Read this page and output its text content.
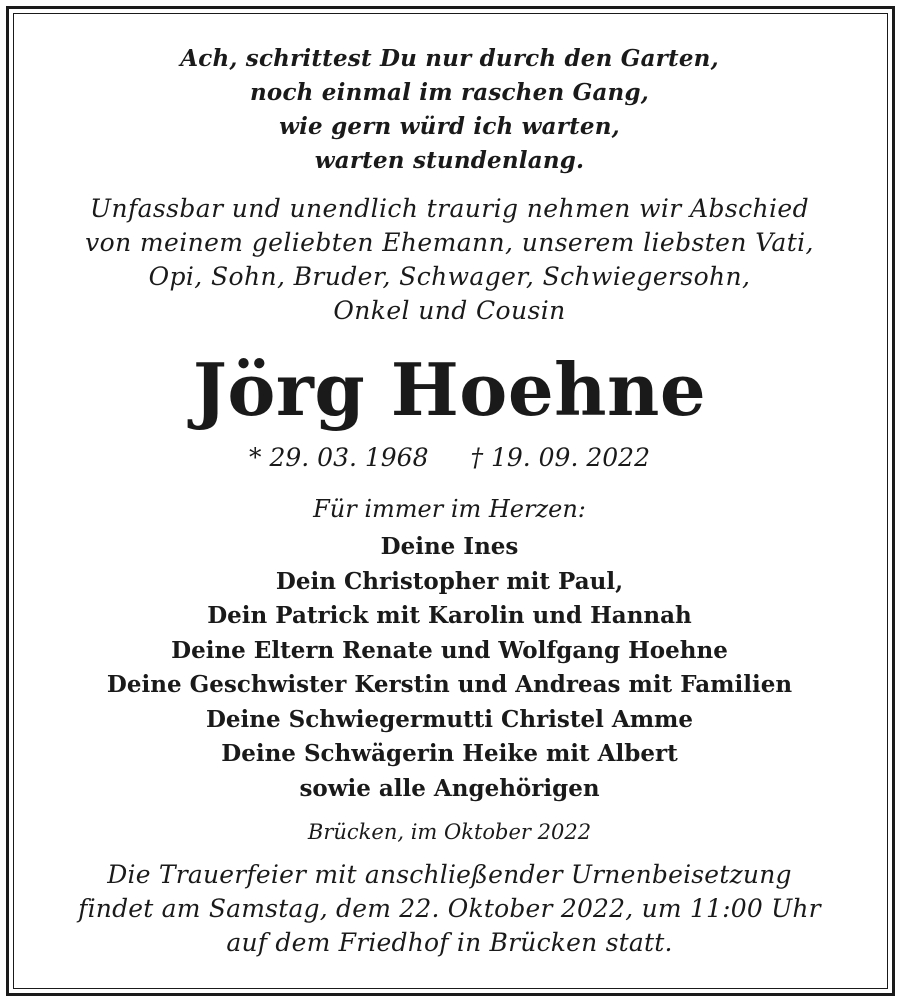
Ach, schrittest Du nur durch den Garten,
noch einmal im raschen Gang,
wie gern würd ich warten,
warten stundenlang.
Unfassbar und unendlich traurig nehmen wir Abschied
von meinem geliebten Ehemann, unserem liebsten Vati,
Opi, Sohn, Bruder, Schwager, Schwiegersohn,
Onkel und Cousin
Jörg Hoehne
* 29. 03. 1968 † 19. 09. 2022
Für immer im Herzen:
Deine Ines
Dein Christopher mit Paul,
Dein Patrick mit Karolin und Hannah
Deine Eltern Renate und Wolfgang Hoehne
Deine Geschwister Kerstin und Andreas mit Familien
Deine Schwiegermutti Christel Amme
Deine Schwägerin Heike mit Albert
sowie alle Angehörigen
Brücken, im Oktober 2022
Die Trauerfeier mit anschließender Urnenbeisetzung
findet am Samstag, dem 22. Oktober 2022, um 11:00 Uhr
auf dem Friedhof in Brücken statt.
